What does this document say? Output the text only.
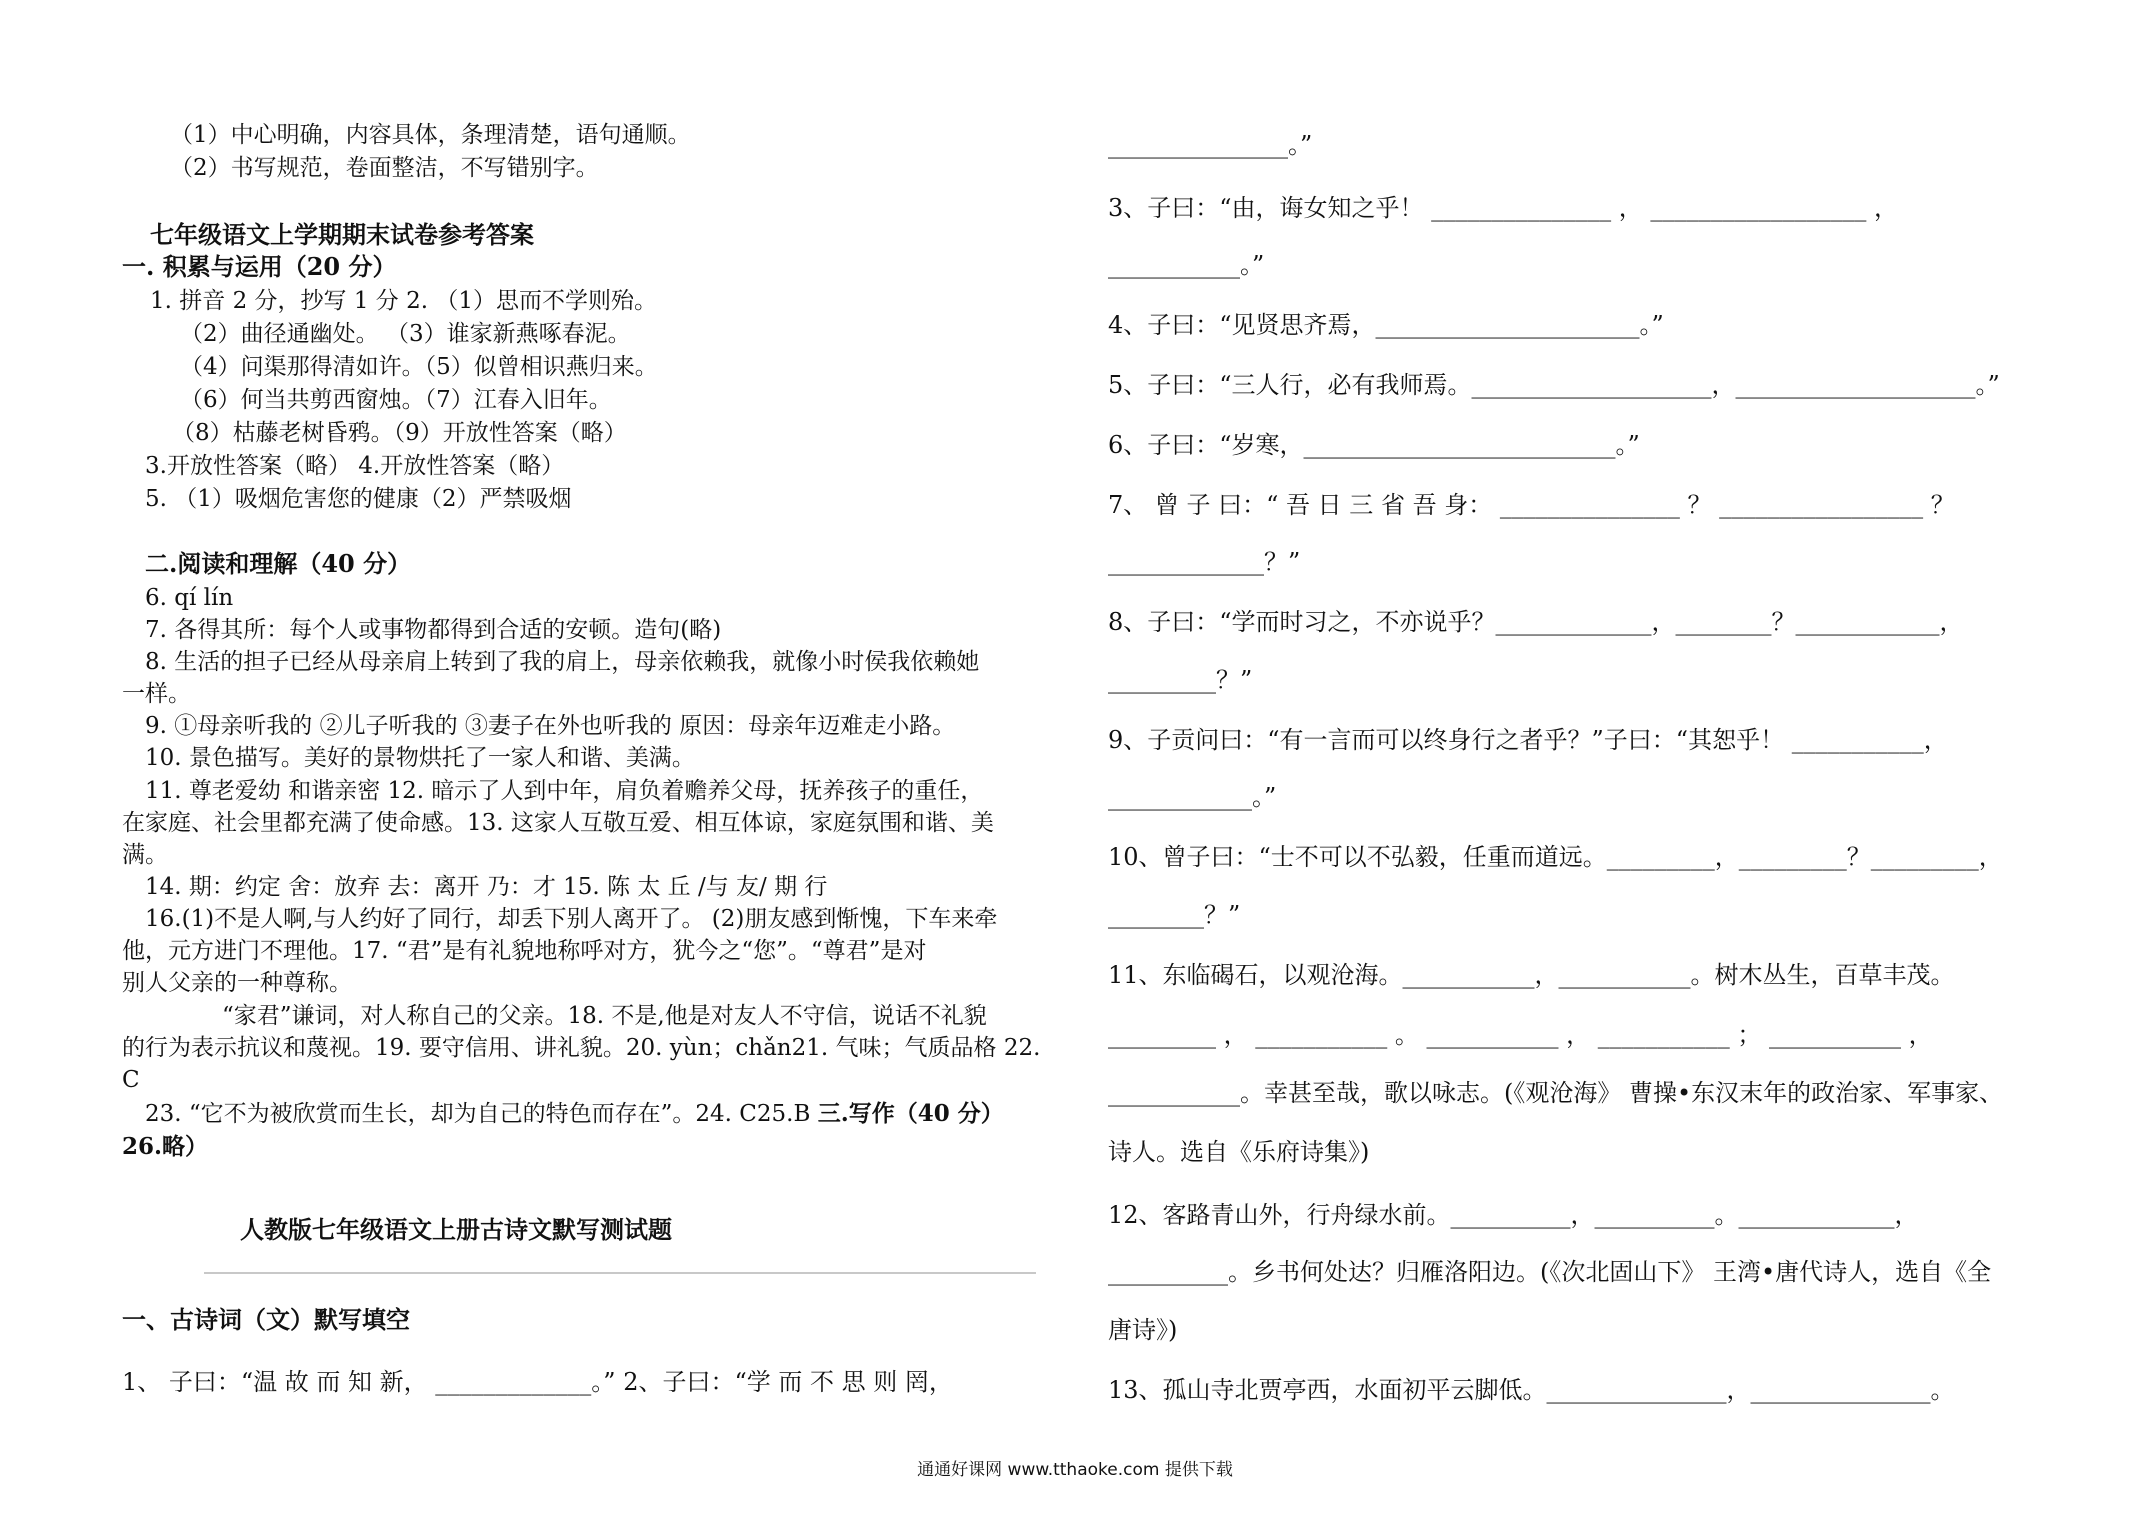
（1）中心明确，内容具体，条理清楚，语句通顺。
（2）书写规范，卷面整洁，不写错别字。
七年级语文上学期期末试卷参考答案
一. 积累与运用（20 分）
1. 拼音 2 分，抄写 1 分 2. （1）思而不学则殆。
（2）曲径通幽处。 （3）谁家新燕啄春泥。
（4）问渠那得清如许。（5）似曾相识燕归来。
（6）何当共剪西窗烛。（7）江春入旧年。
（8）枯藤老树昏鸦。（9）开放性答案（略）
3.开放性答案（略） 4.开放性答案（略）
5. （1）吸烟危害您的健康（2）严禁吸烟
二.阅读和理解（40 分）
6. qí lín
7. 各得其所：每个人或事物都得到合适的安顿。造句(略)
8. 生活的担子已经从母亲肩上转到了我的肩上，母亲依赖我，就像小时侯我依赖她
一样。
9. ①母亲听我的 ②儿子听我的 ③妻子在外也听我的 原因：母亲年迈难走小路。
10. 景色描写。美好的景物烘托了一家人和谐、美满。
11. 尊老爱幼 和谐亲密 12. 暗示了人到中年，肩负着赡养父母，抚养孩子的重任，
在家庭、社会里都充满了使命感。13. 这家人互敬互爱、相互体谅，家庭氛围和谐、美
满。
14. 期：约定 舍：放弃 去：离开 乃：才 15. 陈 太 丘 /与 友/ 期 行
16.(1)不是人啊,与人约好了同行，却丢下别人离开了。 (2)朋友感到惭愧，下车来牵
他，元方进门不理他。17. “君”是有礼貌地称呼对方，犹今之“您”。“尊君”是对
别人父亲的一种尊称。
“家君”谦词，对人称自己的父亲。18. 不是,他是对友人不守信，说话不礼貌
的行为表示抗议和蔑视。19. 要守信用、讲礼貌。20. yùn；chǎn21. 气味；气质品格 22.
C
23. “它不为被欣赏而生长，却为自己的特色而存在”。24. C25.B 三.写作（40 分）
26.略）
人教版七年级语文上册古诗文默写测试题
一、古诗词（文）默写填空
1、 子曰：“温 故 而 知 新， _____________。” 2、子曰：“学 而 不 思 则 罔，
_______________。”
3、子曰：“由，诲女知之乎！ _______________ ， __________________ ，
___________。”
4、子曰：“见贤思齐焉，______________________。”
5、子曰：“三人行，必有我师焉。____________________，____________________。”
6、子曰：“岁寒，__________________________。”
7、 曾 子 曰：“ 吾 日 三 省 吾 身： _______________ ？ _________________ ？
_____________？”
8、子曰：“学而时习之，不亦说乎？_____________，________？____________，
_________？”
9、子贡问曰：“有一言而可以终身行之者乎？”子曰：“其恕乎！ ___________，
____________。”
10、曾子曰：“士不可以不弘毅，任重而道远。_________，_________？_________，
________？”
11、东临碣石，以观沧海。___________，___________。树木丛生，百草丰茂。
_________ ， ___________ 。 ___________ ， ___________ ； ___________ ，
___________。幸甚至哉，歌以咏志。(《观沧海》 曹操•东汉末年的政治家、军事家、
诗人。选自《乐府诗集》)
12、客路青山外，行舟绿水前。__________，__________。_____________，
__________。乡书何处达？归雁洛阳边。(《次北固山下》 王湾•唐代诗人，选自《全
唐诗》)
13、孤山寺北贾亭西，水面初平云脚低。_______________，_______________。
通通好课网 www.tthaoke.com 提供下载
